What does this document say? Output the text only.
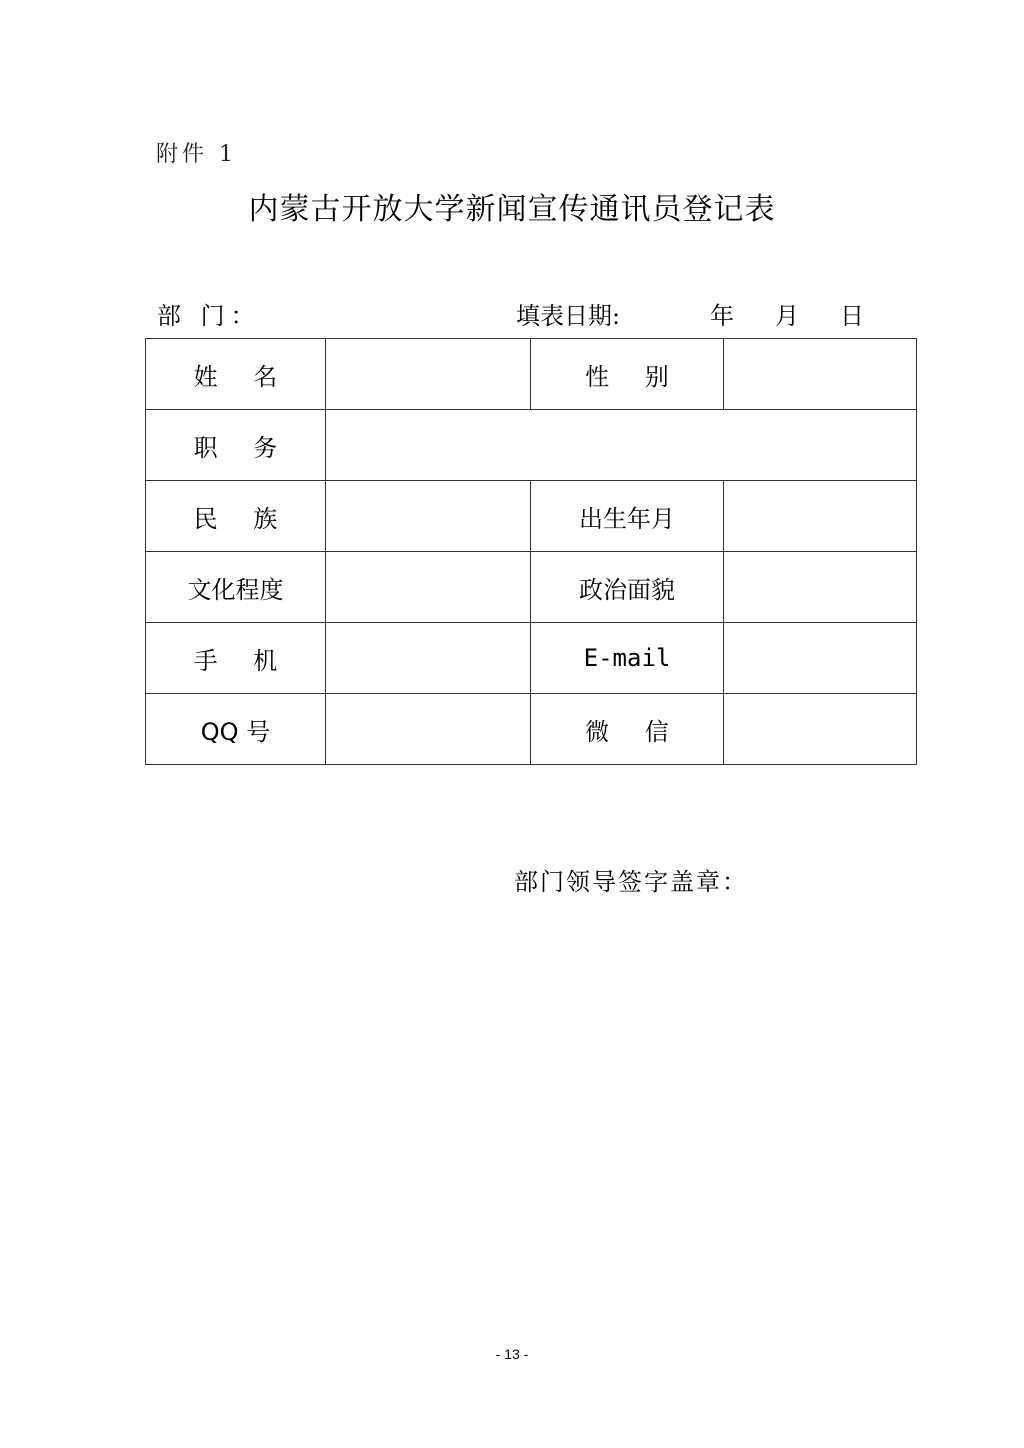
附件 1
内蒙古开放大学新闻宣传通讯员登记表
部 门：	填表日期:	年 月 日
姓 名		性 别	
职 务			
民 族		出生年月	
文化程度		政治面貌	
手 机		E-mail	
QQ 号		微 信	
部门领导签字盖章：
- 13 -
